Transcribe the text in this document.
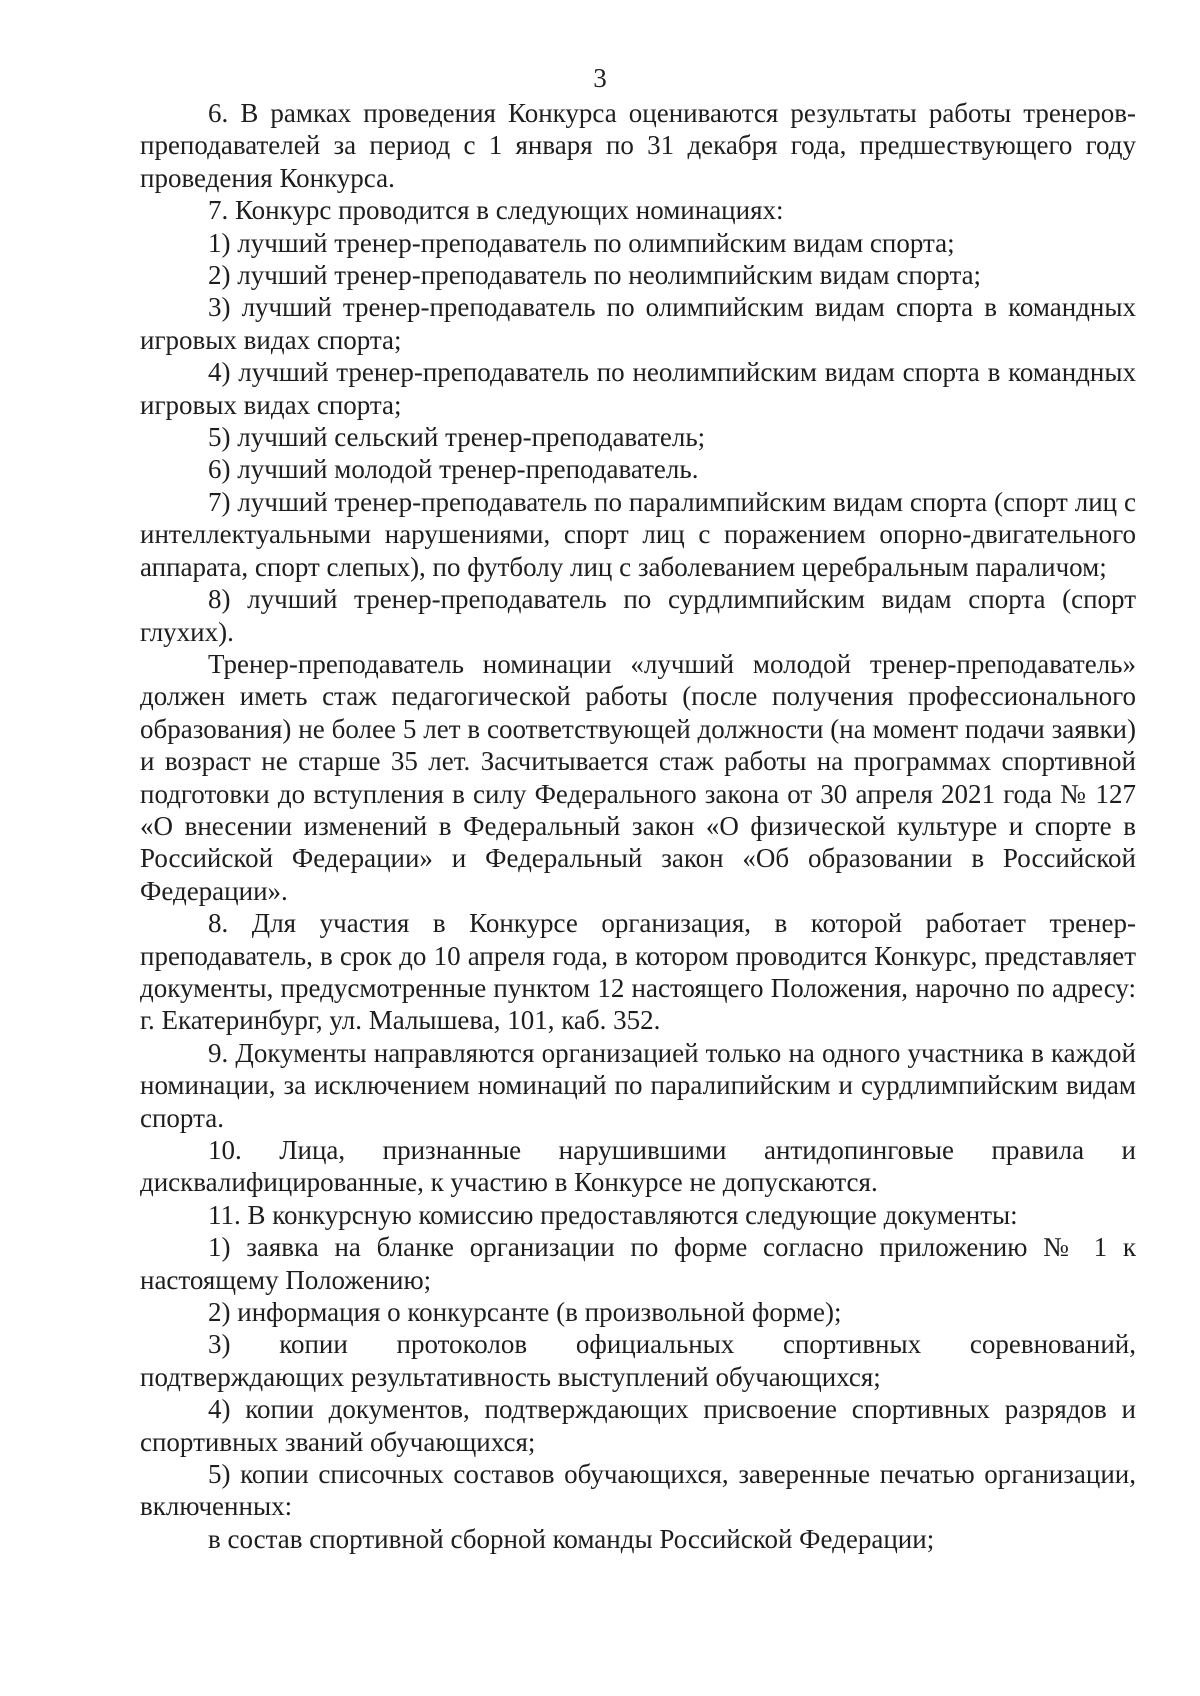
3

6. В рамках проведения Конкурса оцениваются результаты работы тренеров-преподавателей за период с 1 января по 31 декабря года, предшествующего году проведения Конкурса.

7. Конкурс проводится в следующих номинациях:

1) лучший тренер-преподаватель по олимпийским видам спорта;

2) лучший тренер-преподаватель по неолимпийским видам спорта;

3) лучший тренер-преподаватель по олимпийским видам спорта в командных игровых видах спорта;

4) лучший тренер-преподаватель по неолимпийским видам спорта в командных игровых видах спорта;

5) лучший сельский тренер-преподаватель;

6) лучший молодой тренер-преподаватель.

7) лучший тренер-преподаватель по паралимпийским видам спорта (спорт лиц с интеллектуальными нарушениями, спорт лиц с поражением опорно-двигательного аппарата, спорт слепых), по футболу лиц с заболеванием церебральным параличом;

8) лучший тренер-преподаватель по сурдлимпийским видам спорта (спорт глухих).

Тренер-преподаватель номинации «лучший молодой тренер-преподаватель» должен иметь стаж педагогической работы (после получения профессионального образования) не более 5 лет в соответствующей должности (на момент подачи заявки) и возраст не старше 35 лет. Засчитывается стаж работы на программах спортивной подготовки до вступления в силу Федерального закона от 30 апреля 2021 года № 127 «О внесении изменений в Федеральный закон «О физической культуре и спорте в Российской Федерации» и Федеральный закон «Об образовании в Российской Федерации».

8. Для участия в Конкурсе организация, в которой работает тренер-преподаватель, в срок до 10 апреля года, в котором проводится Конкурс, представляет документы, предусмотренные пунктом 12 настоящего Положения, нарочно по адресу: г. Екатеринбург, ул. Малышева, 101, каб. 352.

9. Документы направляются организацией только на одного участника в каждой номинации, за исключением номинаций по паралипийским и сурдлимпийским видам спорта.

10. Лица, признанные нарушившими антидопинговые правила и дисквалифицированные, к участию в Конкурсе не допускаются.

11. В конкурсную комиссию предоставляются следующие документы:

1) заявка на бланке организации по форме согласно приложению № 1 к настоящему Положению;

2) информация о конкурсанте (в произвольной форме);

3) копии протоколов официальных спортивных соревнований, подтверждающих результативность выступлений обучающихся;

4) копии документов, подтверждающих присвоение спортивных разрядов и спортивных званий обучающихся;

5) копии списочных составов обучающихся, заверенные печатью организации, включенных:

в состав спортивной сборной команды Российской Федерации;
